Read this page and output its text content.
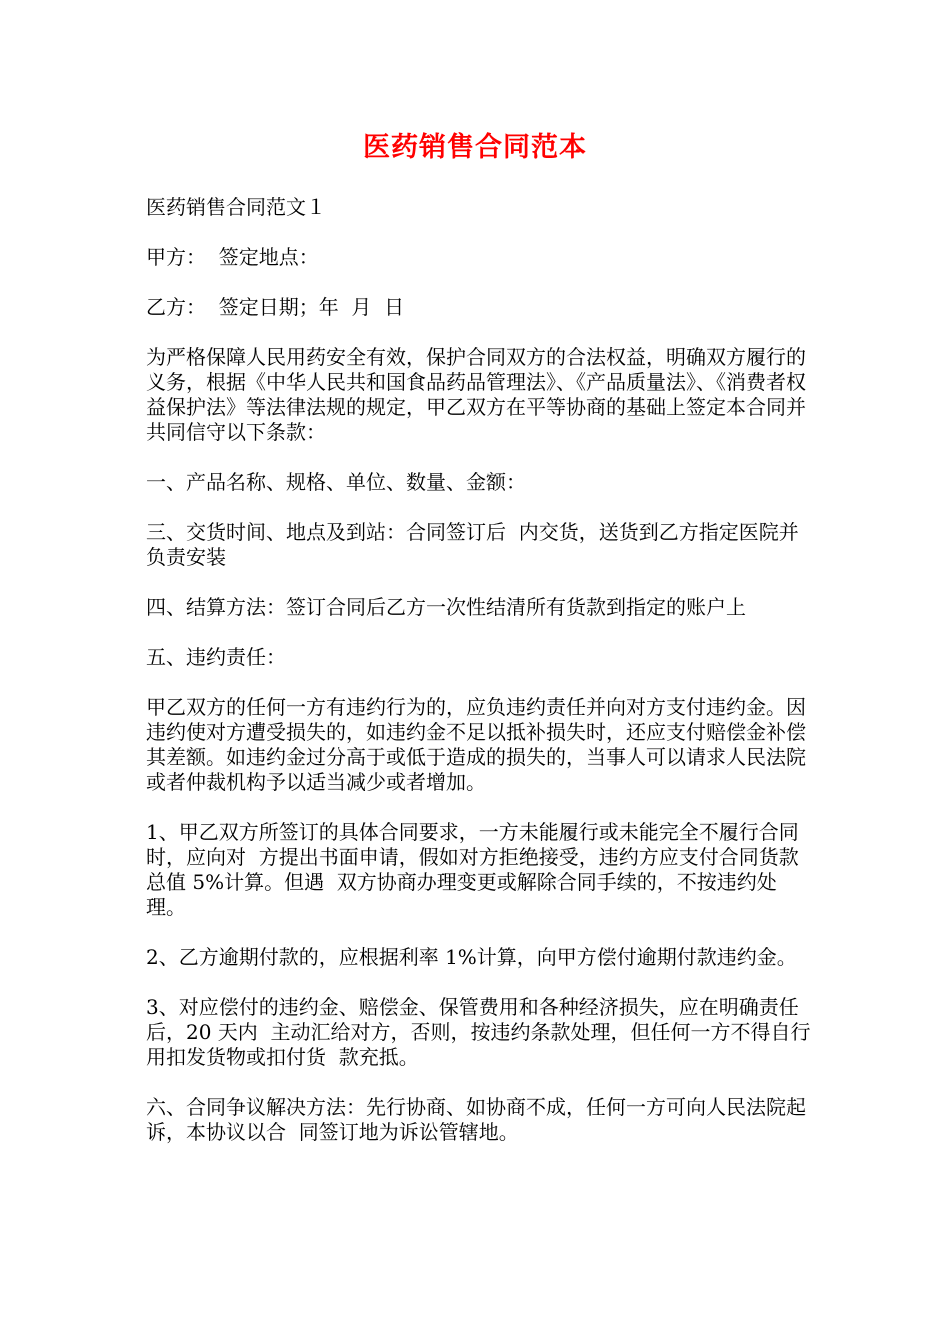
医药销售合同范本

医药销售合同范文１

甲方：  签定地点：

乙方：  签定日期；年  月  日

为严格保障人民用药安全有效，保护合同双方的合法权益，明确双方履行的义务，根据《中华人民共和国食品药品管理法》、《产品质量法》、《消费者权益保护法》等法律法规的规定，甲乙双方在平等协商的基础上签定本合同并共同信守以下条款：

一、产品名称、规格、单位、数量、金额：

三、交货时间、地点及到站：合同签订后  内交货，送货到乙方指定医院并负责安装

四、结算方法：签订合同后乙方一次性结清所有货款到指定的账户上

五、违约责任：

甲乙双方的任何一方有违约行为的，应负违约责任并向对方支付违约金。因违约使对方遭受损失的，如违约金不足以抵补损失时，还应支付赔偿金补偿其差额。如违约金过分高于或低于造成的损失的，当事人可以请求人民法院或者仲裁机构予以适当减少或者增加。

1、甲乙双方所签订的具体合同要求，一方未能履行或未能完全不履行合同时，应向对  方提出书面申请，假如对方拒绝接受，违约方应支付合同货款总值 5%计算。但遇  双方协商办理变更或解除合同手续的，不按违约处理。

2、乙方逾期付款的，应根据利率 1%计算，向甲方偿付逾期付款违约金。

3、对应偿付的违约金、赔偿金、保管费用和各种经济损失，应在明确责任后，20 天内  主动汇给对方，否则，按违约条款处理，但任何一方不得自行用扣发货物或扣付货  款充抵。

六、合同争议解决方法：先行协商、如协商不成，任何一方可向人民法院起诉，本协议以合  同签订地为诉讼管辖地。
